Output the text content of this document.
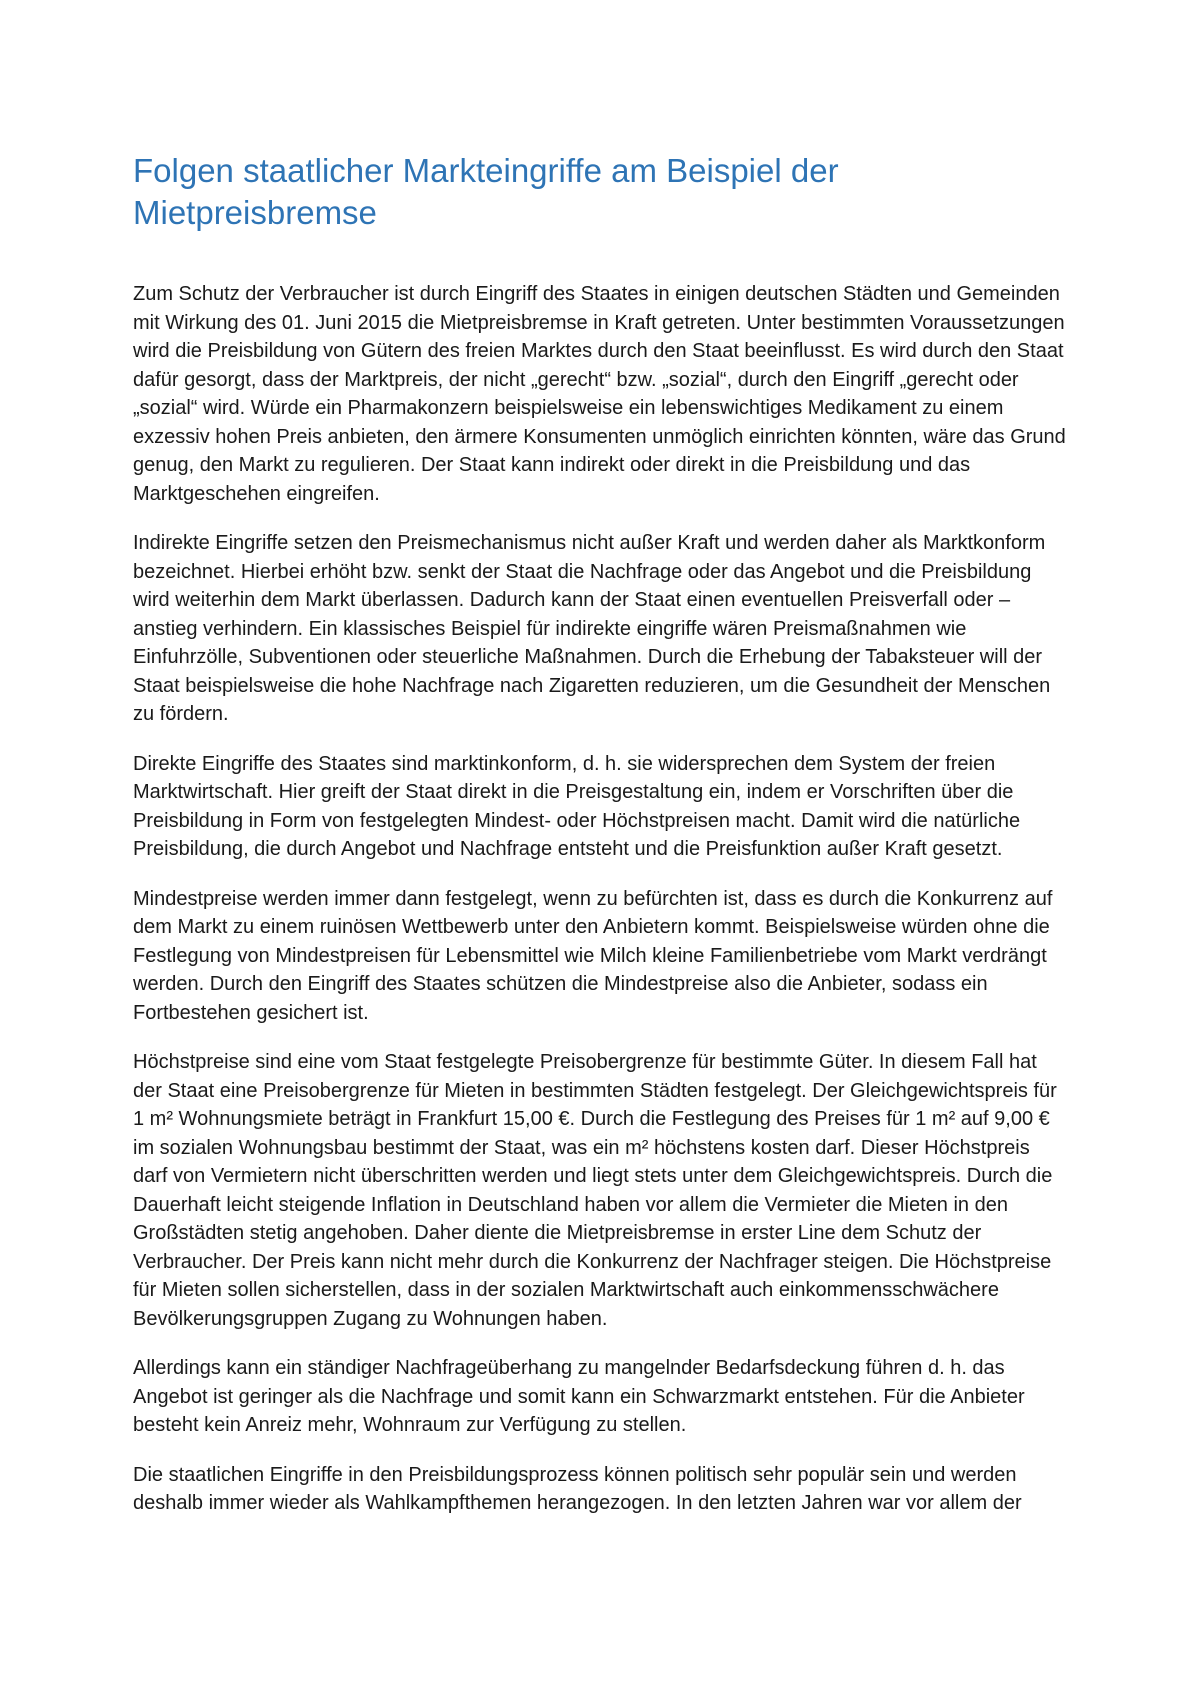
Folgen staatlicher Markteingriffe am Beispiel der Mietpreisbremse

Zum Schutz der Verbraucher ist durch Eingriff des Staates in einigen deutschen Städten und Gemeinden mit Wirkung des 01. Juni 2015 die Mietpreisbremse in Kraft getreten. Unter bestimmten Voraussetzungen wird die Preisbildung von Gütern des freien Marktes durch den Staat beeinflusst. Es wird durch den Staat dafür gesorgt, dass der Marktpreis, der nicht „gerecht“ bzw. „sozial“, durch den Eingriff „gerecht oder „sozial“ wird. Würde ein Pharmakonzern beispielsweise ein lebenswichtiges Medikament zu einem exzessiv hohen Preis anbieten, den ärmere Konsumenten unmöglich einrichten könnten, wäre das Grund genug, den Markt zu regulieren. Der Staat kann indirekt oder direkt in die Preisbildung und das Marktgeschehen eingreifen.

Indirekte Eingriffe setzen den Preismechanismus nicht außer Kraft und werden daher als Marktkonform bezeichnet. Hierbei erhöht bzw. senkt der Staat die Nachfrage oder das Angebot und die Preisbildung wird weiterhin dem Markt überlassen. Dadurch kann der Staat einen eventuellen Preisverfall oder –anstieg verhindern. Ein klassisches Beispiel für indirekte eingriffe wären Preismaßnahmen wie Einfuhrzölle, Subventionen oder steuerliche Maßnahmen. Durch die Erhebung der Tabaksteuer will der Staat beispielsweise die hohe Nachfrage nach Zigaretten reduzieren, um die Gesundheit der Menschen zu fördern.

Direkte Eingriffe des Staates sind marktinkonform, d. h. sie widersprechen dem System der freien Marktwirtschaft. Hier greift der Staat direkt in die Preisgestaltung ein, indem er Vorschriften über die Preisbildung in Form von festgelegten Mindest- oder Höchstpreisen macht. Damit wird die natürliche Preisbildung, die durch Angebot und Nachfrage entsteht und die Preisfunktion außer Kraft gesetzt.

Mindestpreise werden immer dann festgelegt, wenn zu befürchten ist, dass es durch die Konkurrenz auf dem Markt zu einem ruinösen Wettbewerb unter den Anbietern kommt. Beispielsweise würden ohne die Festlegung von Mindestpreisen für Lebensmittel wie Milch kleine Familienbetriebe vom Markt verdrängt werden. Durch den Eingriff des Staates schützen die Mindestpreise also die Anbieter, sodass ein Fortbestehen gesichert ist.

Höchstpreise sind eine vom Staat festgelegte Preisobergrenze für bestimmte Güter. In diesem Fall hat der Staat eine Preisobergrenze für Mieten in bestimmten Städten festgelegt. Der Gleichgewichtspreis für 1 m² Wohnungsmiete beträgt in Frankfurt 15,00 €. Durch die Festlegung des Preises für 1 m² auf 9,00 € im sozialen Wohnungsbau bestimmt der Staat, was ein m² höchstens kosten darf. Dieser Höchstpreis darf von Vermietern nicht überschritten werden und liegt stets unter dem Gleichgewichtspreis. Durch die Dauerhaft leicht steigende Inflation in Deutschland haben vor allem die Vermieter die Mieten in den Großstädten stetig angehoben. Daher diente die Mietpreisbremse in erster Line dem Schutz der Verbraucher. Der Preis kann nicht mehr durch die Konkurrenz der Nachfrager steigen. Die Höchstpreise für Mieten sollen sicherstellen, dass in der sozialen Marktwirtschaft auch einkommensschwächere Bevölkerungsgruppen Zugang zu Wohnungen haben.

Allerdings kann ein ständiger Nachfrageüberhang zu mangelnder Bedarfsdeckung führen d. h. das Angebot ist geringer als die Nachfrage und somit kann ein Schwarzmarkt entstehen. Für die Anbieter besteht kein Anreiz mehr, Wohnraum zur Verfügung zu stellen.

Die staatlichen Eingriffe in den Preisbildungsprozess können politisch sehr populär sein und werden deshalb immer wieder als Wahlkampfthemen herangezogen. In den letzten Jahren war vor allem der
